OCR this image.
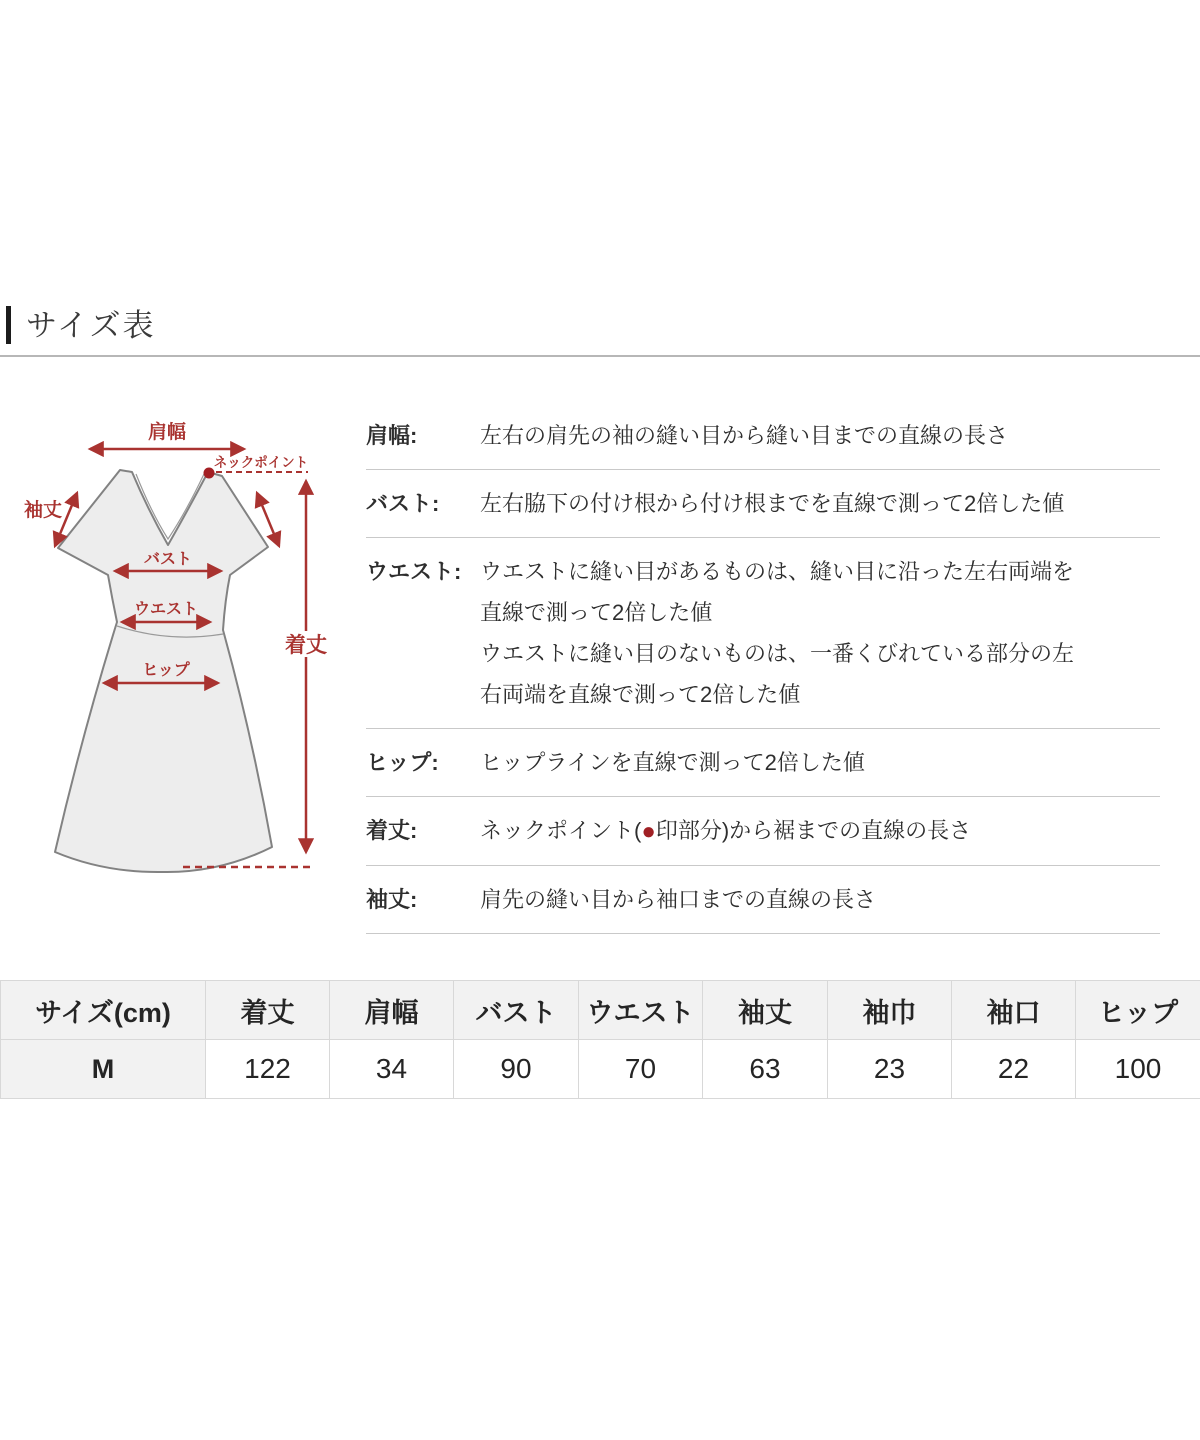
サイズ表
肩幅
ネックポイント
袖丈
バスト
ウエスト
ヒップ
着丈
肩幅:	左右の肩先の袖の縫い目から縫い目までの直線の長さ
バスト:	左右脇下の付け根から付け根までを直線で測って2倍した値
ウエスト: ウエストに縫い目があるものは、縫い目に沿った左右両端を直線で測って2倍した値
ウエストに縫い目のないものは、一番くびれている部分の左右両端を直線で測って2倍した値
ヒップ:	ヒップラインを直線で測って2倍した値
着丈:	ネックポイント(●印部分)から裾までの直線の長さ
袖丈:	肩先の縫い目から袖口までの直線の長さ
サイズ(cm)	着丈	肩幅	バスト	ウエスト	袖丈	袖巾	袖口	ヒップ
M	122	34	90	70	63	23	22	100
